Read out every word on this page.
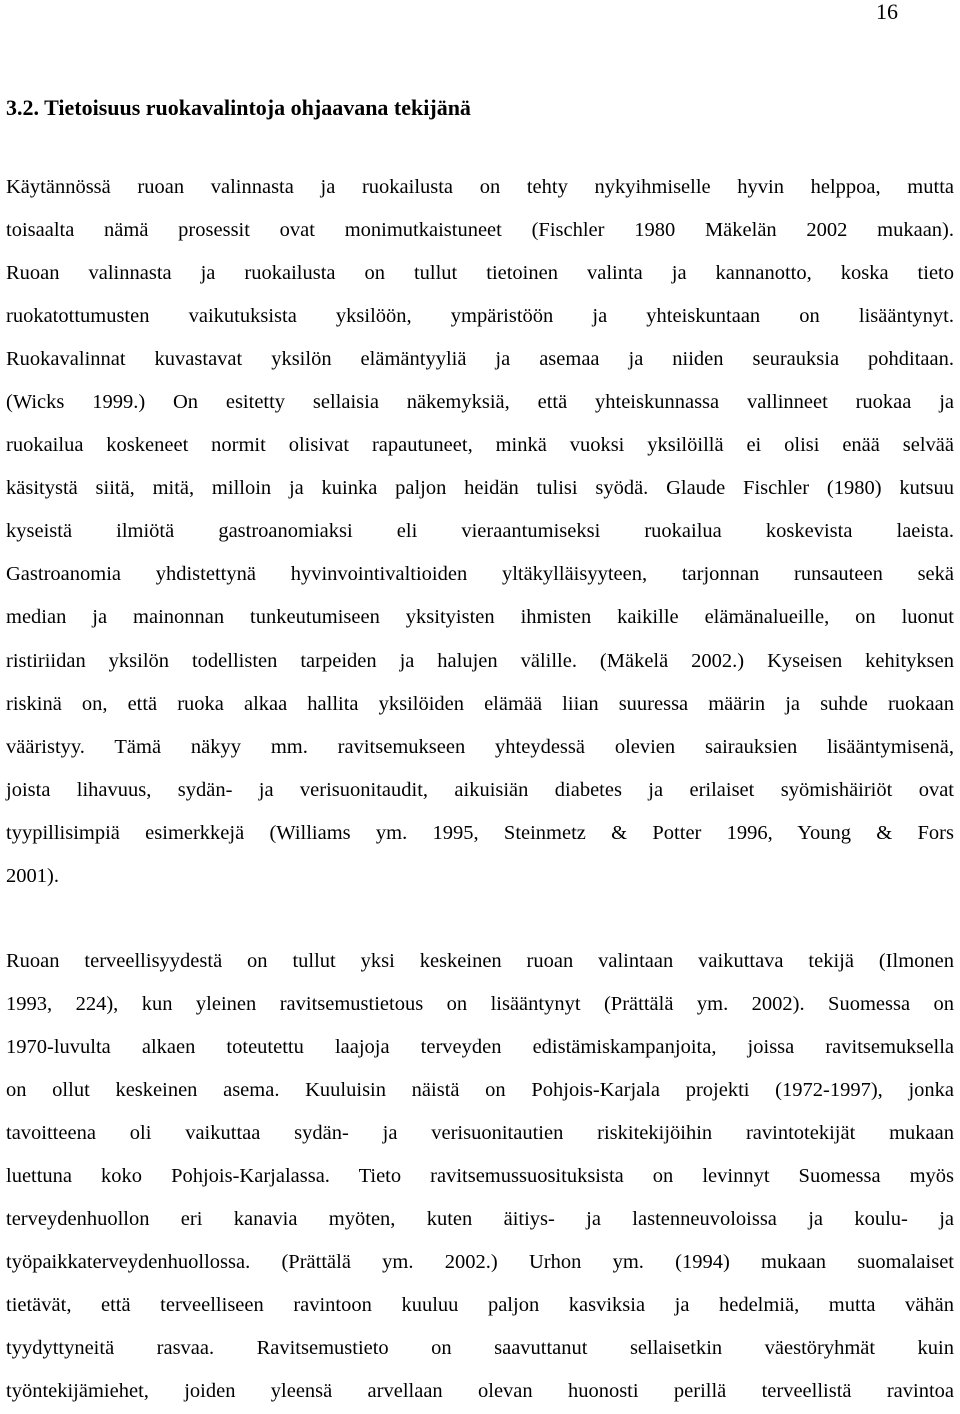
16
3.2. Tietoisuus ruokavalintoja ohjaavana tekijänä
Käytännössä ruoan valinnasta ja ruokailusta on tehty nykyihmiselle hyvin helppoa, mutta
toisaalta nämä prosessit ovat monimutkaistuneet (Fischler 1980 Mäkelän 2002 mukaan).
Ruoan valinnasta ja ruokailusta on tullut tietoinen valinta ja kannanotto, koska tieto
ruokatottumusten vaikutuksista yksilöön, ympäristöön ja yhteiskuntaan on lisääntynyt.
Ruokavalinnat kuvastavat yksilön elämäntyyliä ja asemaa ja niiden seurauksia pohditaan.
(Wicks 1999.) On esitetty sellaisia näkemyksiä, että yhteiskunnassa vallinneet ruokaa ja
ruokailua koskeneet normit olisivat rapautuneet, minkä vuoksi yksilöillä ei olisi enää selvää
käsitystä siitä, mitä, milloin ja kuinka paljon heidän tulisi syödä. Glaude Fischler (1980) kutsuu
kyseistä ilmiötä gastroanomiaksi eli vieraantumiseksi ruokailua koskevista laeista.
Gastroanomia yhdistettynä hyvinvointivaltioiden yltäkylläisyyteen, tarjonnan runsauteen sekä
median ja mainonnan tunkeutumiseen yksityisten ihmisten kaikille elämänalueille, on luonut
ristiriidan yksilön todellisten tarpeiden ja halujen välille. (Mäkelä 2002.) Kyseisen kehityksen
riskinä on, että ruoka alkaa hallita yksilöiden elämää liian suuressa määrin ja suhde ruokaan
vääristyy. Tämä näkyy mm. ravitsemukseen yhteydessä olevien sairauksien lisääntymisenä,
joista lihavuus, sydän- ja verisuonitaudit, aikuisiän diabetes ja erilaiset syömishäiriöt ovat
tyypillisimpiä esimerkkejä (Williams ym. 1995, Steinmetz & Potter 1996, Young & Fors
2001).
Ruoan terveellisyydestä on tullut yksi keskeinen ruoan valintaan vaikuttava tekijä (Ilmonen
1993, 224), kun yleinen ravitsemustietous on lisääntynyt (Prättälä ym. 2002). Suomessa on
1970-luvulta alkaen toteutettu laajoja terveyden edistämiskampanjoita, joissa ravitsemuksella
on ollut keskeinen asema. Kuuluisin näistä on Pohjois-Karjala projekti (1972-1997), jonka
tavoitteena oli vaikuttaa sydän- ja verisuonitautien riskitekijöihin ravintotekijät mukaan
luettuna koko Pohjois-Karjalassa. Tieto ravitsemussuosituksista on levinnyt Suomessa myös
terveydenhuollon eri kanavia myöten, kuten äitiys- ja lastenneuvoloissa ja koulu- ja
työpaikkaterveydenhuollossa. (Prättälä ym. 2002.) Urhon ym. (1994) mukaan suomalaiset
tietävät, että terveelliseen ravintoon kuuluu paljon kasviksia ja hedelmiä, mutta vähän
tyydyttyneitä rasvaa. Ravitsemustieto on saavuttanut sellaisetkin väestöryhmät kuin
työntekijämiehet, joiden yleensä arvellaan olevan huonosti perillä terveellistä ravintoa
